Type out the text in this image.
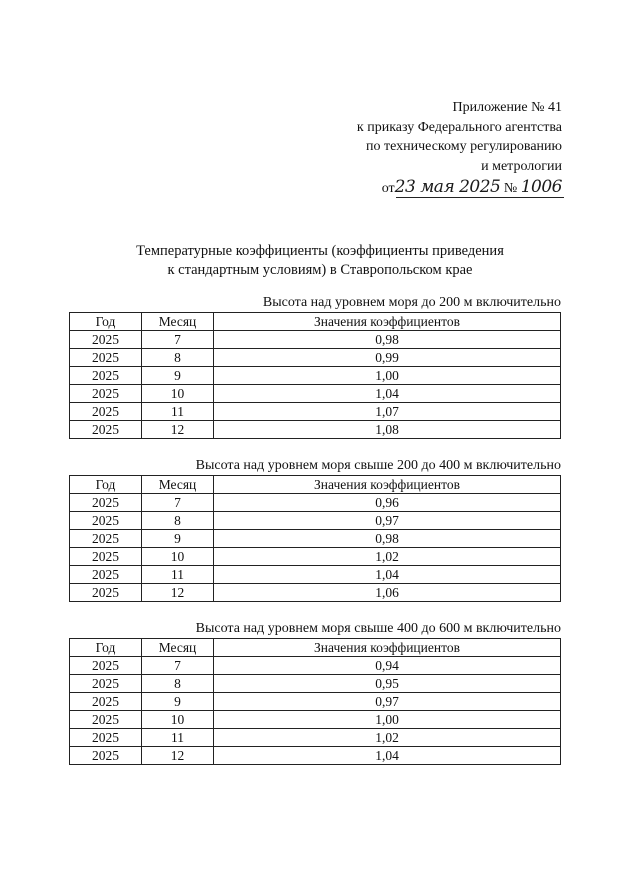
Приложение № 41
к приказу Федерального агентства
по техническому регулированию
и метрологии
от23 мая 2025 № 1006
Температурные коэффициенты (коэффициенты приведения
к стандартным условиям) в Ставропольском крае
Высота над уровнем моря до 200 м включительно
Год	Месяц	Значения коэффициентов
2025	7	0,98
2025	8	0,99
2025	9	1,00
2025	10	1,04
2025	11	1,07
2025	12	1,08
Высота над уровнем моря свыше 200 до 400 м включительно
Год	Месяц	Значения коэффициентов
2025	7	0,96
2025	8	0,97
2025	9	0,98
2025	10	1,02
2025	11	1,04
2025	12	1,06
Высота над уровнем моря свыше 400 до 600 м включительно
Год	Месяц	Значения коэффициентов
2025	7	0,94
2025	8	0,95
2025	9	0,97
2025	10	1,00
2025	11	1,02
2025	12	1,04
